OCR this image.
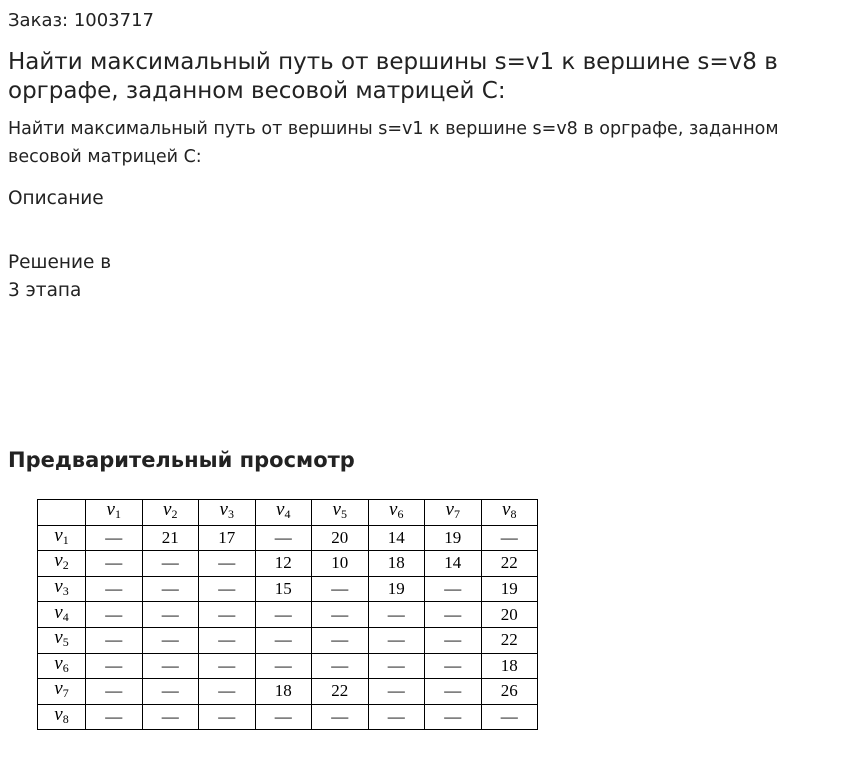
Заказ: 1003717
Найти максимальный путь от вершины s=v1 к вершине s=v8 в орграфе, заданном весовой матрицей C:
Найти максимальный путь от вершины s=v1 к вершине s=v8 в орграфе, заданном весовой матрицей C:
Описание
Решение в
3 этапа
Предварительный просмотр
	$v_1$	$v_2$	$v_3$	$v_4$	$v_5$	$v_6$	$v_7$	$v_8$
$v_1$	—	21	17	—	20	14	19	—
$v_2$	—	—	—	12	10	18	14	22
$v_3$	—	—	—	15	—	19	—	19
$v_4$	—	—	—	—	—	—	—	20
$v_5$	—	—	—	—	—	—	—	22
$v_6$	—	—	—	—	—	—	—	18
$v_7$	—	—	—	18	22	—	—	26
$v_8$	—	—	—	—	—	—	—	—
